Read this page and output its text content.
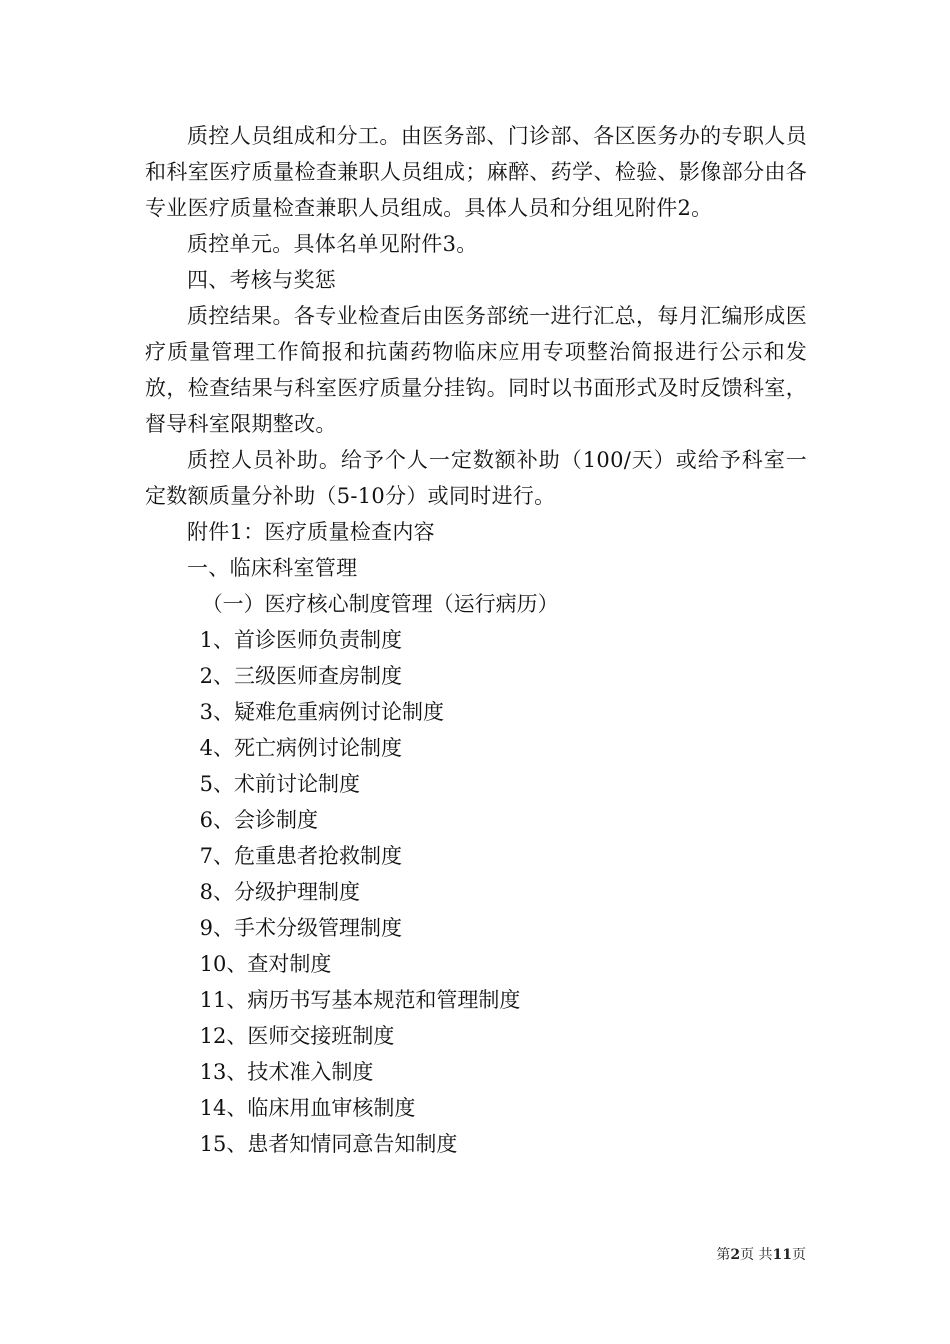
质控人员组成和分工。由医务部、门诊部、各区医务办的专职人员和科室医疗质量检查兼职人员组成；麻醉、药学、检验、影像部分由各专业医疗质量检查兼职人员组成。具体人员和分组见附件2。

质控单元。具体名单见附件3。

四、考核与奖惩

质控结果。各专业检查后由医务部统一进行汇总，每月汇编形成医疗质量管理工作简报和抗菌药物临床应用专项整治简报进行公示和发放，检查结果与科室医疗质量分挂钩。同时以书面形式及时反馈科室，督导科室限期整改。

质控人员补助。给予个人一定数额补助（100/天）或给予科室一定数额质量分补助（5-10分）或同时进行。

附件1：医疗质量检查内容

一、临床科室管理

（一）医疗核心制度管理（运行病历）

1、首诊医师负责制度

2、三级医师查房制度

3、疑难危重病例讨论制度

4、死亡病例讨论制度

5、术前讨论制度

6、会诊制度

7、危重患者抢救制度

8、分级护理制度

9、手术分级管理制度

10、查对制度

11、病历书写基本规范和管理制度

12、医师交接班制度

13、技术准入制度

14、临床用血审核制度

15、患者知情同意告知制度

第2页 共11页
